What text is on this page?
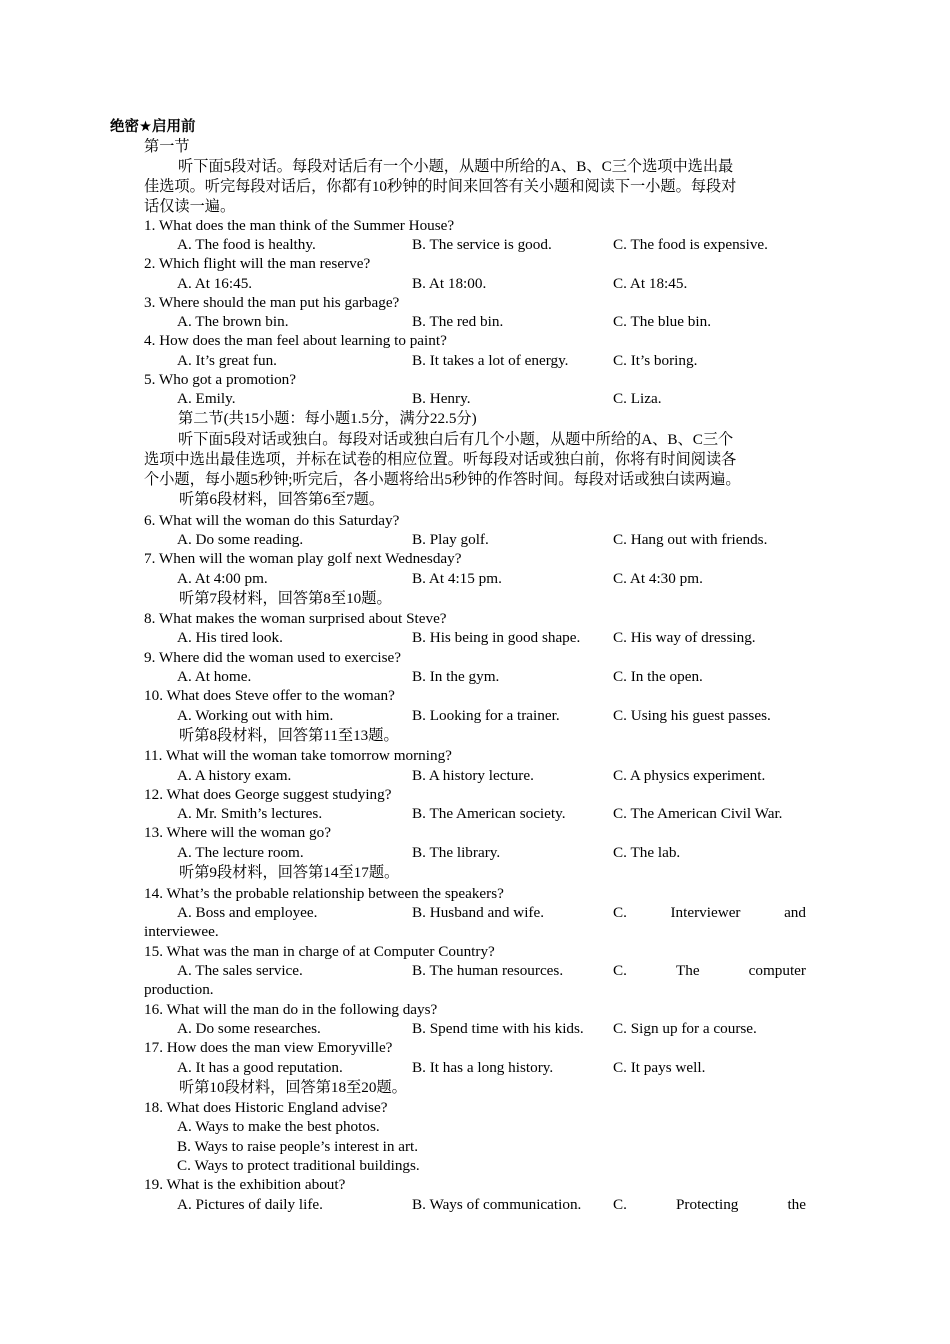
绝密★启用前
第一节
听下面5段对话。每段对话后有一个小题，从题中所给的A、B、C三个选项中选出最
佳选项。听完每段对话后，你都有10秒钟的时间来回答有关小题和阅读下一小题。每段对
话仅读一遍。
1. What does the man think of the Summer House?
A. The food is healthy.	B. The service is good.	C. The food is expensive.
2. Which flight will the man reserve?
A. At 16:45.	B. At 18:00.	C. At 18:45.
3. Where should the man put his garbage?
A. The brown bin.	B. The red bin.	C. The blue bin.
4. How does the man feel about learning to paint?
A. It’s great fun.	B. It takes a lot of energy.	C. It’s boring.
5. Who got a promotion?
A. Emily.	B. Henry.	C. Liza.
第二节(共15小题：每小题1.5分，满分22.5分)
听下面5段对话或独白。每段对话或独白后有几个小题，从题中所给的A、B、C三个
选项中选出最佳选项，并标在试卷的相应位置。听每段对话或独白前，你将有时间阅读各
个小题，每小题5秒钟;听完后，各小题将给出5秒钟的作答时间。每段对话或独白读两遍。
听第6段材料，回答第6至7题。
6. What will the woman do this Saturday?
A. Do some reading.	B. Play golf.	C. Hang out with friends.
7. When will the woman play golf next Wednesday?
A. At 4:00 pm.	B. At 4:15 pm.	C. At 4:30 pm.
听第7段材料，回答第8至10题。
8. What makes the woman surprised about Steve?
A. His tired look.	B. His being in good shape. C. His way of dressing.
9. Where did the woman used to exercise?
A. At home.	B. In the gym.	C. In the open.
10. What does Steve offer to the woman?
A. Working out with him.	B. Looking for a trainer.	C. Using his guest passes.
听第8段材料，回答第11至13题。
11. What will the woman take tomorrow morning?
A. A history exam.	B. A history lecture.	C. A physics experiment.
12. What does George suggest studying?
A. Mr. Smith’s lectures.	B. The American society.	C. The American Civil War.
13. Where will the woman go?
A. The lecture room.	B. The library.	C. The lab.
听第9段材料，回答第14至17题。
14. What’s the probable relationship between the speakers?
A. Boss and employee.	B. Husband and wife.	C.	Interviewer	and
interviewee.
15. What was the man in charge of at Computer Country?
A. The sales service.	B. The human resources.	C.	The	computer
production.
16. What will the man do in the following days?
A. Do some researches.	B. Spend time with his kids. C. Sign up for a course.
17. How does the man view Emoryville?
A. It has a good reputation.	B. It has a long history.	C. It pays well.
听第10段材料，回答第18至20题。
18. What does Historic England advise?
A. Ways to make the best photos.
B. Ways to raise people’s interest in art.
C. Ways to protect traditional buildings.
19. What is the exhibition about?
A. Pictures of daily life.	B. Ways of communication. C.	Protecting	the
